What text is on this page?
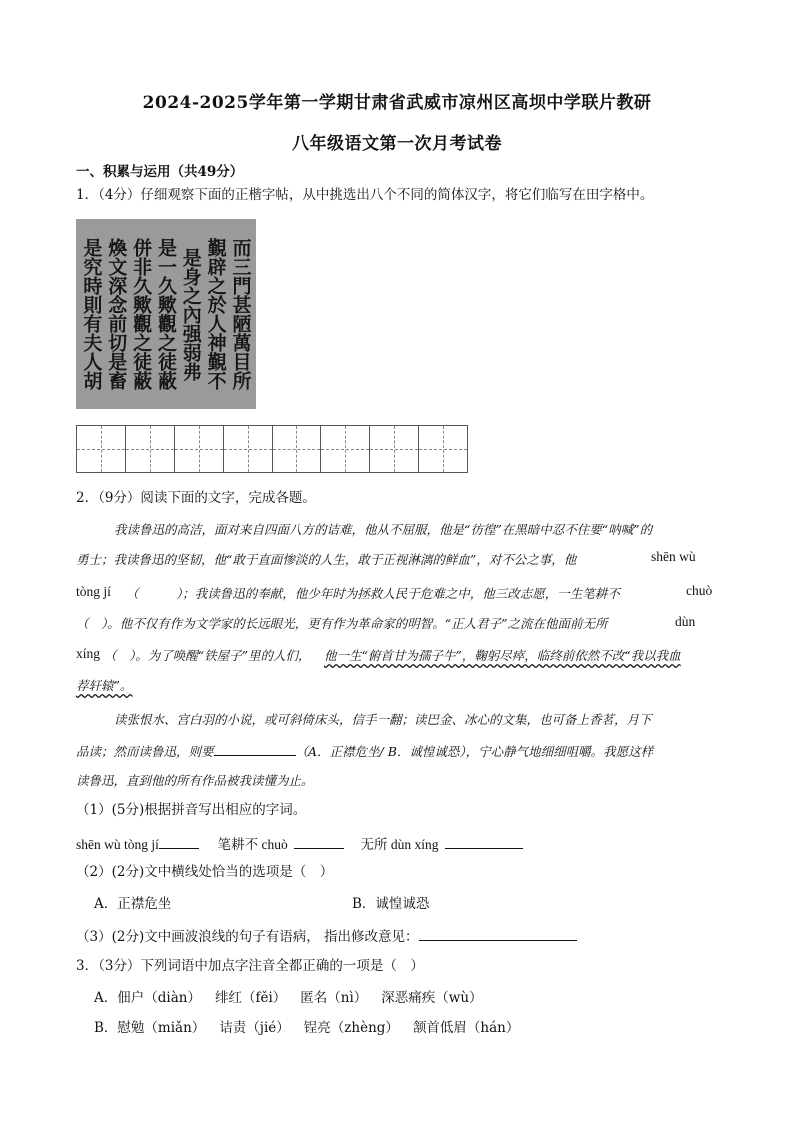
2024-2025学年第一学期甘肃省武威市凉州区高坝中学联片教研
八年级语文第一次月考试卷
一、积累与运用（共49分）
1．（4分）仔细观察下面的正楷字帖，从中挑选出八个不同的简体汉字，将它们临写在田字格中。
而三門甚陋萬目所
覲辟之於人神覲不
是身之內强弱弗
是一久歟觀之徒蔽
併非久歟觀之徒蔽
煥文深念前切是畜
是究時則有夫人胡
2．（9分）阅读下面的文字，完成各题。
我读鲁迅的高洁，面对来自四面八方的诘难，他从不屈服，他是“彷徨”在黑暗中忍不住要“呐喊”的
勇士；我读鲁迅的坚韧，他“敢于直面惨淡的人生，敢于正视淋漓的鲜血”，对不公之事，他	shēn wù
tòng jí （　　　）；我读鲁迅的奉献，他少年时为拯救人民于危难之中，他三改志愿，一生笔耕不	chuò
（　）。他不仅有作为文学家的长远眼光，更有作为革命家的明智。“正人君子”之流在他面前无所	dùn
xíng （　）。为了唤醒“铁屋子”里的人们， 他一生“俯首甘为孺子牛”，鞠躬尽瘁，临终前依然不改“我以我血
荐轩辕”。
读张恨水、宫白羽的小说，或可斜倚床头，信手一翻；读巴金、冰心的文集，也可备上香茗，月下
品读；然而读鲁迅，则要	（A．正襟危坐/ B．诚惶诚恐），宁心静气地细细咀嚼。我愿这样
读鲁迅，直到他的所有作品被我读懂为止。
（1）(5分)根据拼音写出相应的字词。
shēn wù tòng jí	笔耕不 chuò	无所 dùn xíng
（2）(2分)文中横线处恰当的选项是（　）
A．正襟危坐	B．诚惶诚恐
（3）(2分)文中画波浪线的句子有语病， 指出修改意见：
3．（3分）下列词语中加点字注音全都正确的一项是（　）
A．佃户（diàn） 绯红（fěi） 匿名（nì） 深恶痛疾（wù）
B．慰勉（miǎn） 诘责（jié） 锃亮（zhèng） 颔首低眉（hán）
